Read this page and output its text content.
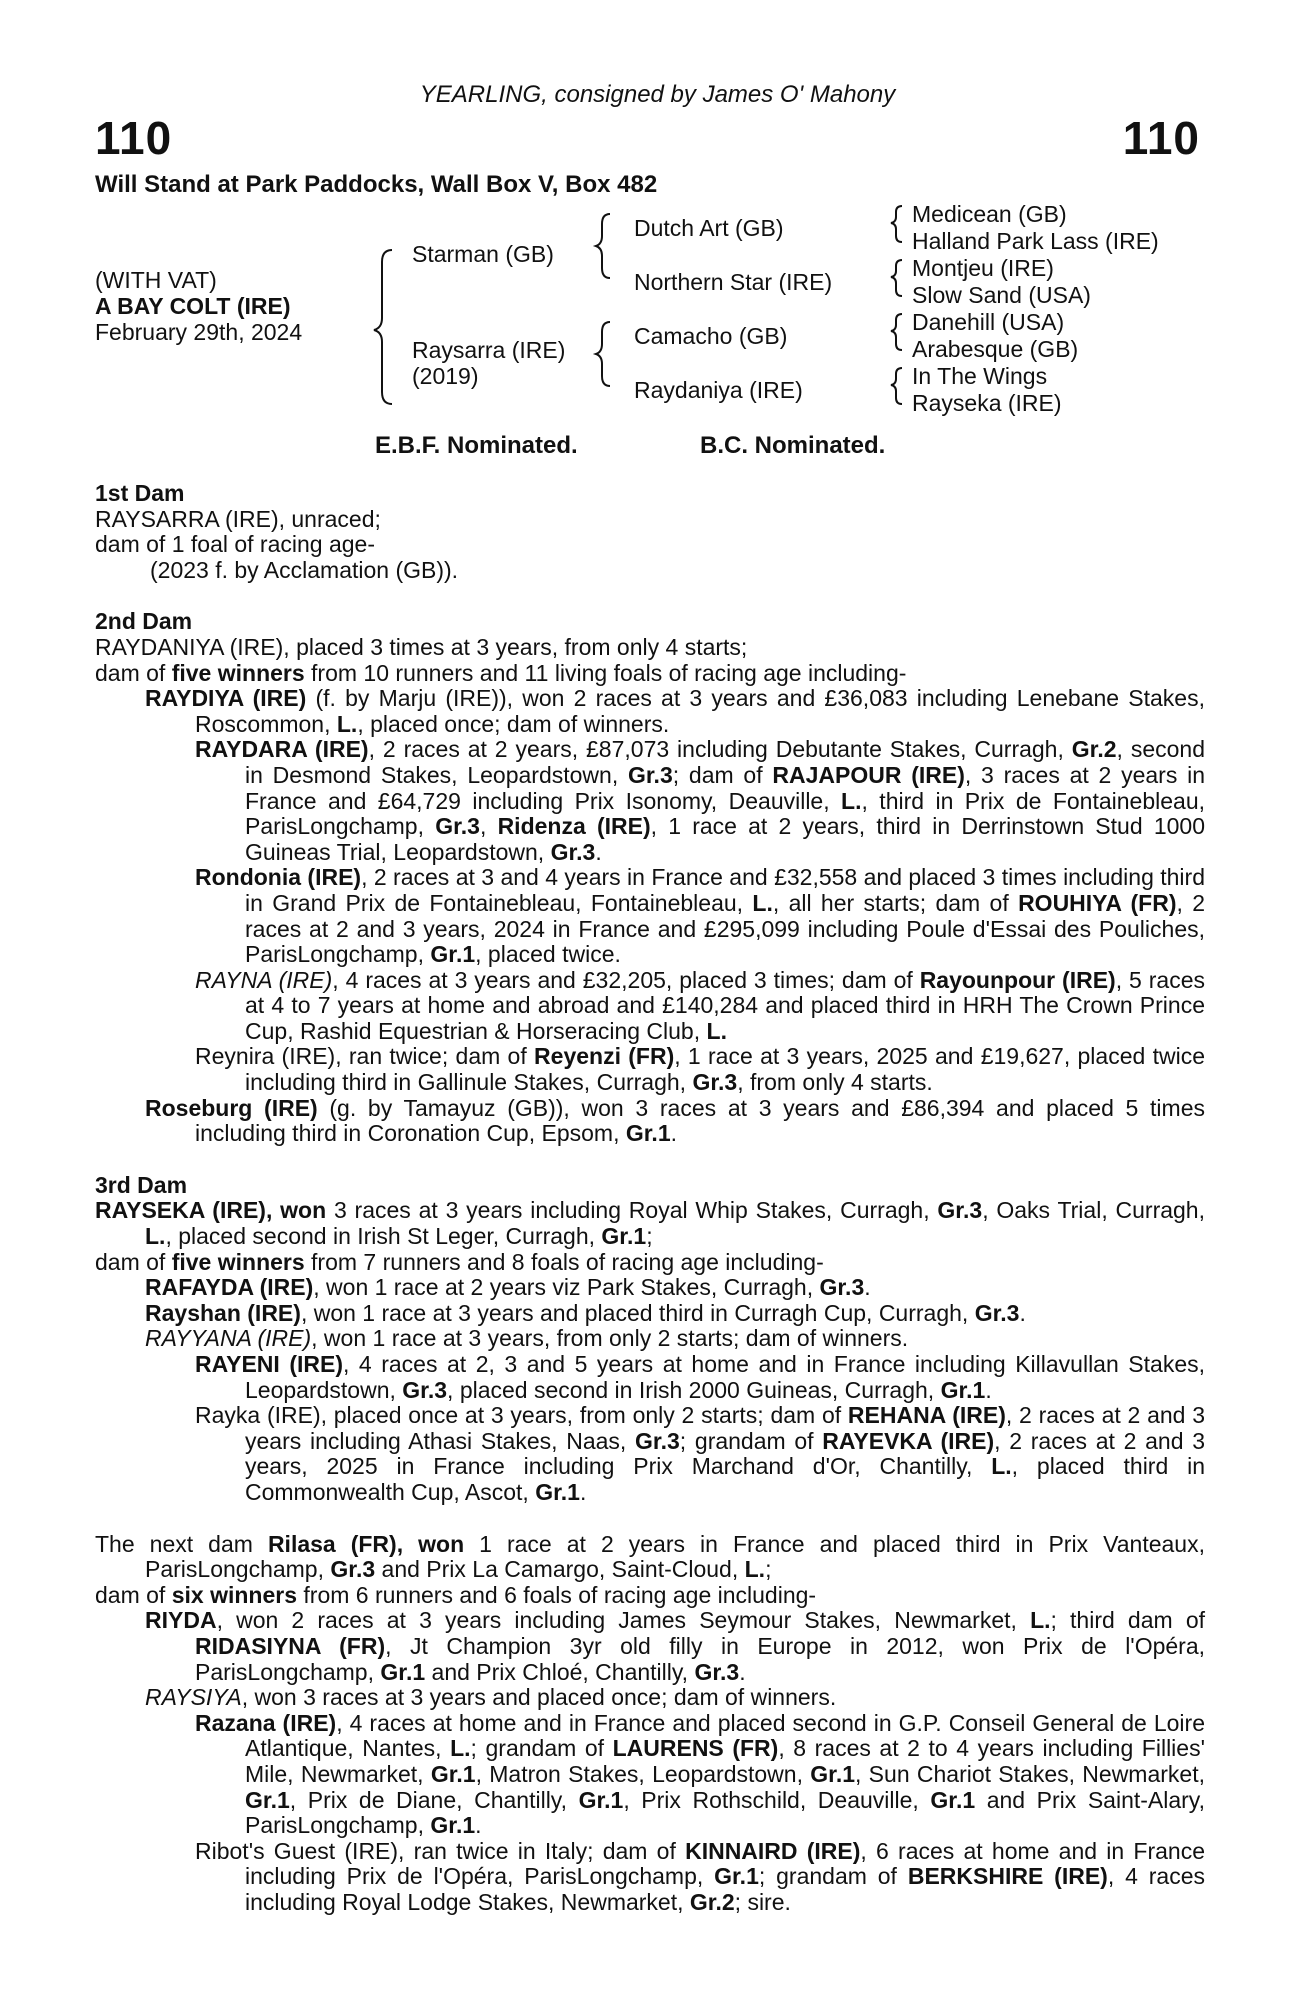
YEARLING, consigned by James O' Mahony
110	110
Will Stand at Park Paddocks, Wall Box V, Box 482
(WITH VAT)
A BAY COLT (IRE)
February 29th, 2024
Starman (GB)
Raysarra (IRE)
(2019)
Dutch Art (GB)
Northern Star (IRE)
Camacho (GB)
Raydaniya (IRE)
Medicean (GB)
Halland Park Lass (IRE)
Montjeu (IRE)
Slow Sand (USA)
Danehill (USA)
Arabesque (GB)
In The Wings
Rayseka (IRE)
E.B.F. Nominated.	B.C. Nominated.
1st Dam
RAYSARRA (IRE), unraced;
dam of 1 foal of racing age-
(2023 f. by Acclamation (GB)).
2nd Dam
RAYDANIYA (IRE), placed 3 times at 3 years, from only 4 starts;
dam of five winners from 10 runners and 11 living foals of racing age including-
RAYDIYA (IRE) (f. by Marju (IRE)), won 2 races at 3 years and £36,083 including Lenebane Stakes, Roscommon, L., placed once; dam of winners.
RAYDARA (IRE), 2 races at 2 years, £87,073 including Debutante Stakes, Curragh, Gr.2, second in Desmond Stakes, Leopardstown, Gr.3; dam of RAJAPOUR (IRE), 3 races at 2 years in France and £64,729 including Prix Isonomy, Deauville, L., third in Prix de Fontainebleau, ParisLongchamp, Gr.3, Ridenza (IRE), 1 race at 2 years, third in Derrinstown Stud 1000 Guineas Trial, Leopardstown, Gr.3.
Rondonia (IRE), 2 races at 3 and 4 years in France and £32,558 and placed 3 times including third in Grand Prix de Fontainebleau, Fontainebleau, L., all her starts; dam of ROUHIYA (FR), 2 races at 2 and 3 years, 2024 in France and £295,099 including Poule d'Essai des Pouliches, ParisLongchamp, Gr.1, placed twice.
RAYNA (IRE), 4 races at 3 years and £32,205, placed 3 times; dam of Rayounpour (IRE), 5 races at 4 to 7 years at home and abroad and £140,284 and placed third in HRH The Crown Prince Cup, Rashid Equestrian & Horseracing Club, L.
Reynira (IRE), ran twice; dam of Reyenzi (FR), 1 race at 3 years, 2025 and £19,627, placed twice including third in Gallinule Stakes, Curragh, Gr.3, from only 4 starts.
Roseburg (IRE) (g. by Tamayuz (GB)), won 3 races at 3 years and £86,394 and placed 5 times including third in Coronation Cup, Epsom, Gr.1.
3rd Dam
RAYSEKA (IRE), won 3 races at 3 years including Royal Whip Stakes, Curragh, Gr.3, Oaks Trial, Curragh, L., placed second in Irish St Leger, Curragh, Gr.1;
dam of five winners from 7 runners and 8 foals of racing age including-
RAFAYDA (IRE), won 1 race at 2 years viz Park Stakes, Curragh, Gr.3.
Rayshan (IRE), won 1 race at 3 years and placed third in Curragh Cup, Curragh, Gr.3.
RAYYANA (IRE), won 1 race at 3 years, from only 2 starts; dam of winners.
RAYENI (IRE), 4 races at 2, 3 and 5 years at home and in France including Killavullan Stakes, Leopardstown, Gr.3, placed second in Irish 2000 Guineas, Curragh, Gr.1.
Rayka (IRE), placed once at 3 years, from only 2 starts; dam of REHANA (IRE), 2 races at 2 and 3 years including Athasi Stakes, Naas, Gr.3; grandam of RAYEVKA (IRE), 2 races at 2 and 3 years, 2025 in France including Prix Marchand d'Or, Chantilly, L., placed third in Commonwealth Cup, Ascot, Gr.1.
The next dam Rilasa (FR), won 1 race at 2 years in France and placed third in Prix Vanteaux, ParisLongchamp, Gr.3 and Prix La Camargo, Saint-Cloud, L.;
dam of six winners from 6 runners and 6 foals of racing age including-
RIYDA, won 2 races at 3 years including James Seymour Stakes, Newmarket, L.; third dam of RIDASIYNA (FR), Jt Champion 3yr old filly in Europe in 2012, won Prix de l'Opéra, ParisLongchamp, Gr.1 and Prix Chloé, Chantilly, Gr.3.
RAYSIYA, won 3 races at 3 years and placed once; dam of winners.
Razana (IRE), 4 races at home and in France and placed second in G.P. Conseil General de Loire Atlantique, Nantes, L.; grandam of LAURENS (FR), 8 races at 2 to 4 years including Fillies' Mile, Newmarket, Gr.1, Matron Stakes, Leopardstown, Gr.1, Sun Chariot Stakes, Newmarket, Gr.1, Prix de Diane, Chantilly, Gr.1, Prix Rothschild, Deauville, Gr.1 and Prix Saint-Alary, ParisLongchamp, Gr.1.
Ribot's Guest (IRE), ran twice in Italy; dam of KINNAIRD (IRE), 6 races at home and in France including Prix de l'Opéra, ParisLongchamp, Gr.1; grandam of BERKSHIRE (IRE), 4 races including Royal Lodge Stakes, Newmarket, Gr.2; sire.
